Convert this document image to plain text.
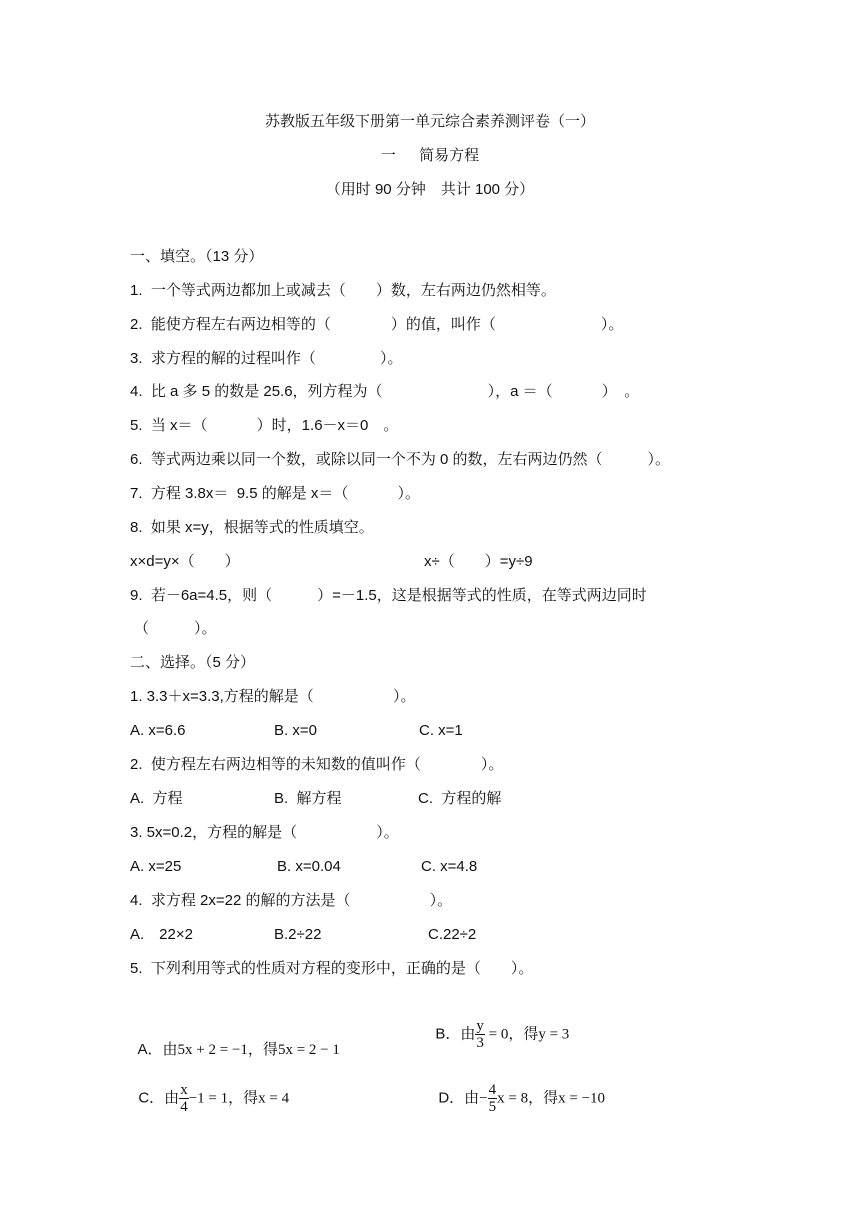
苏教版五年级下册第一单元综合素养测评卷（一）
一　  简易方程
（用时 90 分钟　共计 100 分）
一、填空。（13 分）
1.  一个等式两边都加上或减去（　　）数，左右两边仍然相等。
2.  能使方程左右两边相等的（　　　　）的值，叫作（　　　　　　　）。
3.  求方程的解的过程叫作（　　　　 ）。
4.  比 a 多 5 的数是 25.6，列方程为（　　　　　　　），a ＝（　　　 ）　。
5.  当 x＝（　　　 ）时，1.6－x＝0　。
6.  等式两边乘以同一个数，或除以同一个不为 0 的数，左右两边仍然（　　　）。
7.  方程 3.8x＝  9.5 的解是 x＝（　　　 ）。
8.  如果 x=y，根据等式的性质填空。
x×d=y×（　　）	x÷（　　）=y÷9
9.  若－6a=4.5，则（　　　）=－1.5，这是根据等式的性质，在等式两边同时
（　　　）。
二、选择。（5 分）
1. 3.3＋x=3.3,方程的解是（　　　　　 ）。
A. x=6.6	B. x=0	C. x=1
2.  使方程左右两边相等的未知数的值叫作（　　　　）。
A.  方程	B.  解方程	C.  方程的解
3. 5x=0.2，方程的解是（　　　　　 ）。
A. x=25	B. x=0.04	C. x=4.8
4.  求方程 2x=22 的解的方法是（　　　　　 ）。
A.　22×2	B.2÷22	C.22÷2
5.  下列利用等式的性质对方程的变形中，正确的是（　　）。

A．由5x + 2 = −1，得5x = 2 − 1

B．由 $\frac{y}{3} = 0$，得y = 3

C．由 $\frac{x}{4} -1 = 1$，得x = 4	D．由− $\frac{4}{5}$ x = 8，得x = −10
